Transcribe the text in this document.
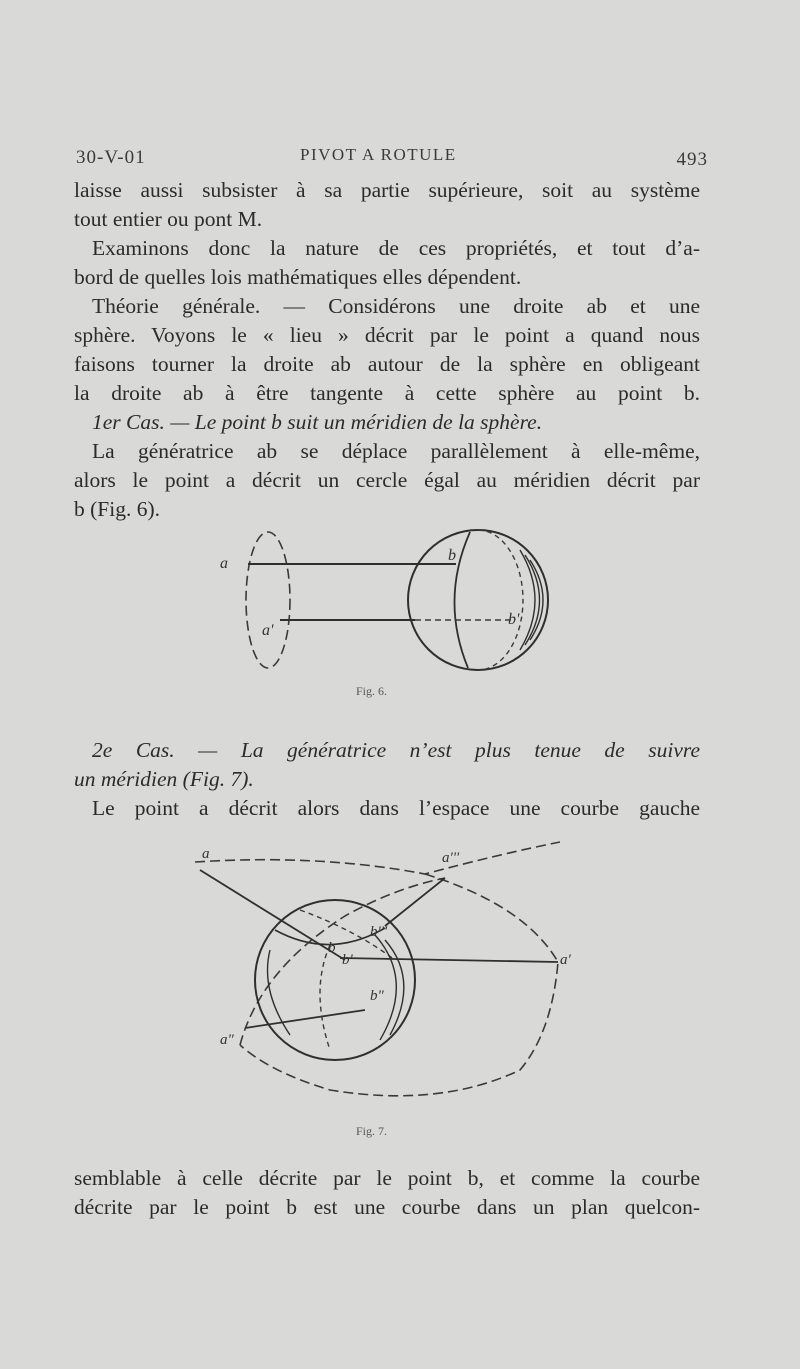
30-V-01	PIVOT A ROTULE	493
laisse aussi subsister à sa partie supérieure, soit au système
tout entier ou pont M.
Examinons donc la nature de ces propriétés, et tout d’a-
bord de quelles lois mathématiques elles dépendent.
Théorie générale. — Considérons une droite ab et une
sphère. Voyons le « lieu » décrit par le point a quand nous
faisons tourner la droite ab autour de la sphère en obligeant
la droite ab à être tangente à cette sphère au point b.
1er Cas. — Le point b suit un méridien de la sphère.
La génératrice ab se déplace parallèlement à elle-même,
alors le point a décrit un cercle égal au méridien décrit par
b (Fig. 6).
a
a'
b
b'
Fig. 6.
2e Cas. — La génératrice n’est plus tenue de suivre
un méridien (Fig. 7).
Le point a décrit alors dans l’espace une courbe gauche
a	a'''
a'
a"
b
b'
b"
b'''
Fig. 7.
semblable à celle décrite par le point b, et comme la courbe
décrite par le point b est une courbe dans un plan quelcon-
